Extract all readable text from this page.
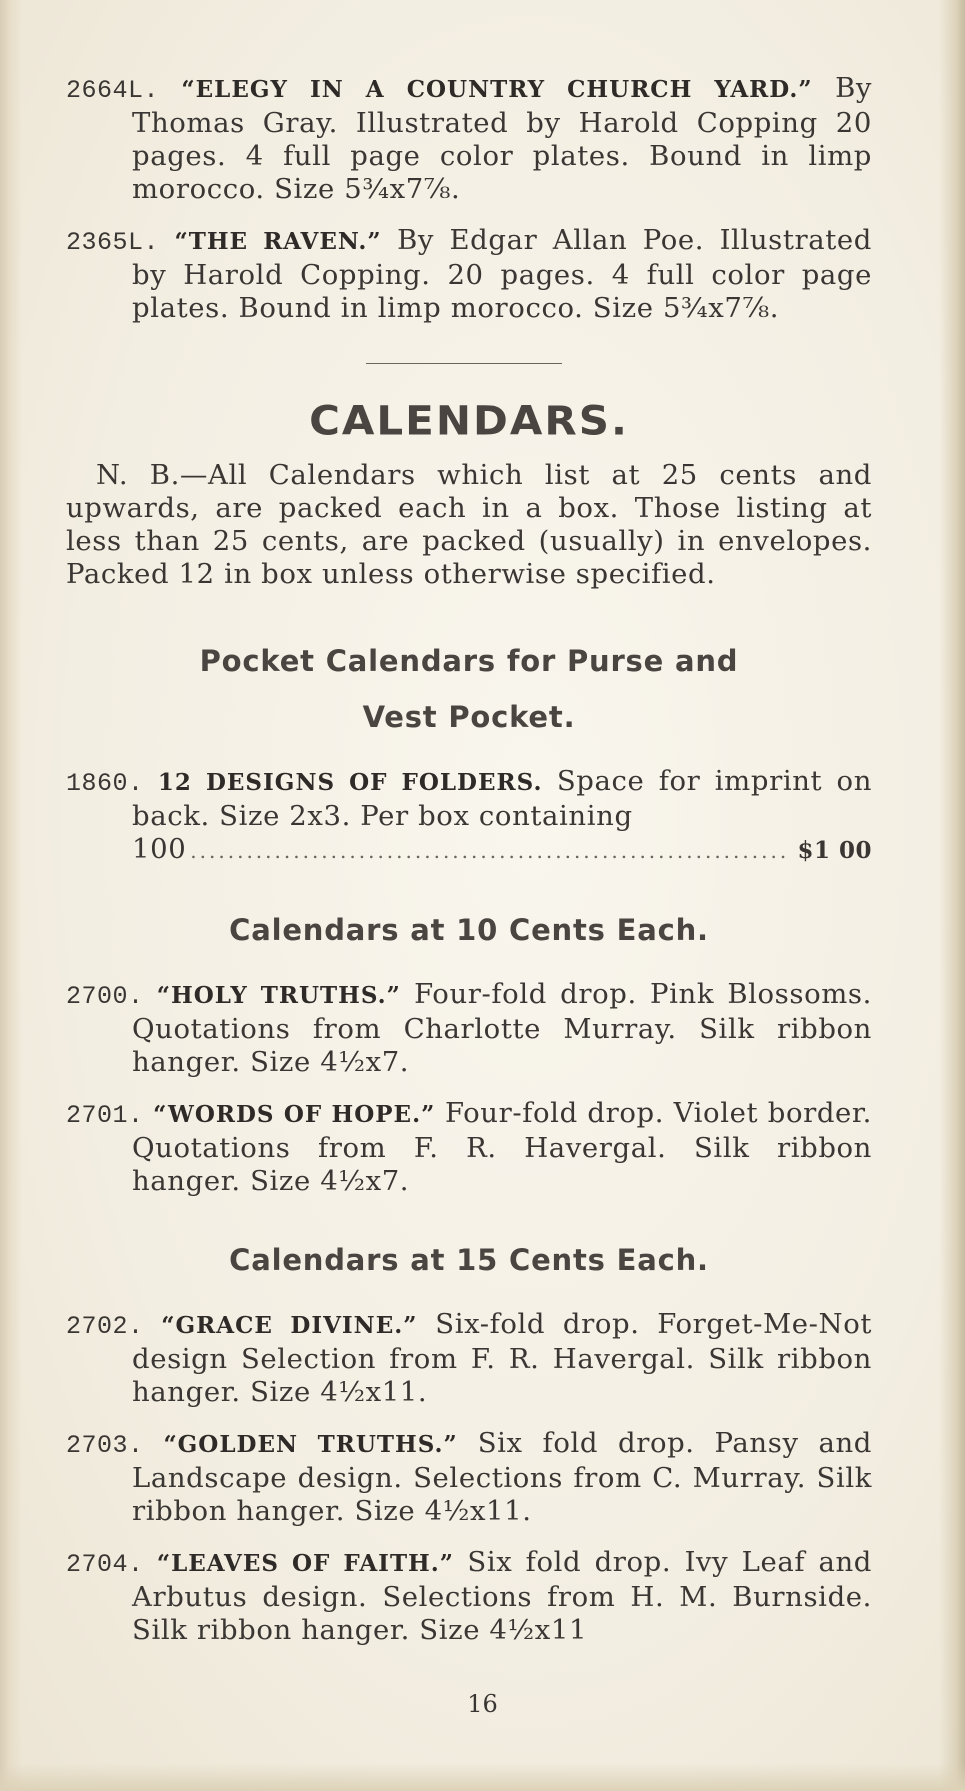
2664L. “ELEGY IN A COUNTRY CHURCH YARD.” By Thomas Gray. Illustrated by Harold Copping 20 pages. 4 full page color plates. Bound in limp morocco. Size 5¾x7⅞.

2365L. “THE RAVEN.” By Edgar Allan Poe. Illustrated by Harold Copping. 20 pages. 4 full color page plates. Bound in limp morocco. Size 5¾x7⅞.

CALENDARS.

N. B.—All Calendars which list at 25 cents and upwards, are packed each in a box. Those listing at less than 25 cents, are packed (usually) in envelopes. Packed 12 in box unless otherwise specified.

Pocket Calendars for Purse and
Vest Pocket.
1860. 12 DESIGNS OF FOLDERS. Space for imprint on back. Size 2x3. Per box containing
100 ................................................................ $1 00
Calendars at 10 Cents Each.

2700. “HOLY TRUTHS.” Four-fold drop. Pink Blossoms. Quotations from Charlotte Murray. Silk ribbon hanger. Size 4½x7.

2701. “WORDS OF HOPE.” Four-fold drop. Violet border. Quotations from F. R. Havergal. Silk ribbon hanger. Size 4½x7.

Calendars at 15 Cents Each.

2702. “GRACE DIVINE.” Six-fold drop. Forget-Me-Not design Selection from F. R. Havergal. Silk ribbon hanger. Size 4½x11.

2703. “GOLDEN TRUTHS.” Six fold drop. Pansy and Landscape design. Selections from C. Murray. Silk ribbon hanger. Size 4½x11.

2704. “LEAVES OF FAITH.” Six fold drop. Ivy Leaf and Arbutus design. Selections from H. M. Burnside. Silk ribbon hanger. Size 4½x11

16
